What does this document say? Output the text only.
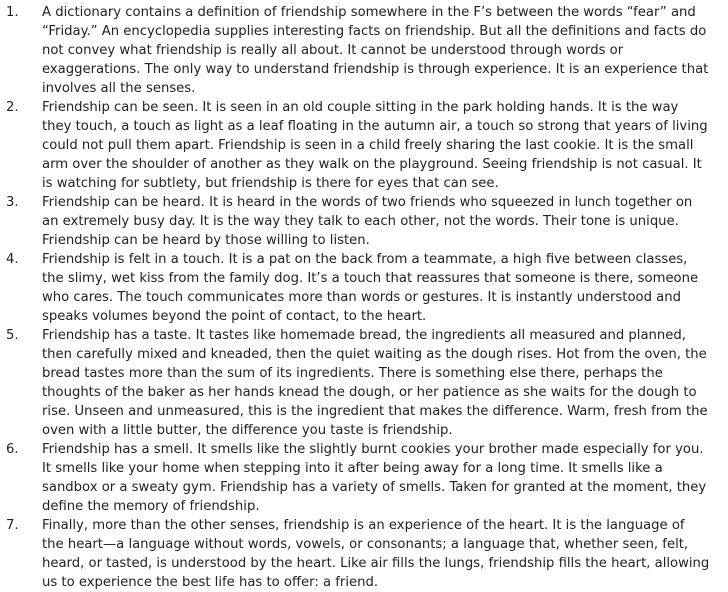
1.	A dictionary contains a definition of friendship somewhere in the F’s between the words “fear” and “Friday.” An encyclopedia supplies interesting facts on friendship. But all the definitions and facts do not convey what friendship is really all about. It cannot be understood through words or exaggerations. The only way to understand friendship is through experience. It is an experience that involves all the senses.
2.	Friendship can be seen. It is seen in an old couple sitting in the park holding hands. It is the way they touch, a touch as light as a leaf floating in the autumn air, a touch so strong that years of living could not pull them apart. Friendship is seen in a child freely sharing the last cookie. It is the small arm over the shoulder of another as they walk on the playground. Seeing friendship is not casual. It is watching for subtlety, but friendship is there for eyes that can see.
3.	Friendship can be heard. It is heard in the words of two friends who squeezed in lunch together on an extremely busy day. It is the way they talk to each other, not the words. Their tone is unique. Friendship can be heard by those willing to listen.
4.	Friendship is felt in a touch. It is a pat on the back from a teammate, a high five between classes, the slimy, wet kiss from the family dog. It’s a touch that reassures that someone is there, someone who cares. The touch communicates more than words or gestures. It is instantly understood and speaks volumes beyond the point of contact, to the heart.
5.	Friendship has a taste. It tastes like homemade bread, the ingredients all measured and planned, then carefully mixed and kneaded, then the quiet waiting as the dough rises. Hot from the oven, the bread tastes more than the sum of its ingredients. There is something else there, perhaps the thoughts of the baker as her hands knead the dough, or her patience as she waits for the dough to rise. Unseen and unmeasured, this is the ingredient that makes the difference. Warm, fresh from the oven with a little butter, the difference you taste is friendship.
6.	Friendship has a smell. It smells like the slightly burnt cookies your brother made especially for you. It smells like your home when stepping into it after being away for a long time. It smells like a sandbox or a sweaty gym. Friendship has a variety of smells. Taken for granted at the moment, they define the memory of friendship.
7.	Finally, more than the other senses, friendship is an experience of the heart. It is the language of the heart—a language without words, vowels, or consonants; a language that, whether seen, felt, heard, or tasted, is understood by the heart. Like air fills the lungs, friendship fills the heart, allowing us to experience the best life has to offer: a friend.
